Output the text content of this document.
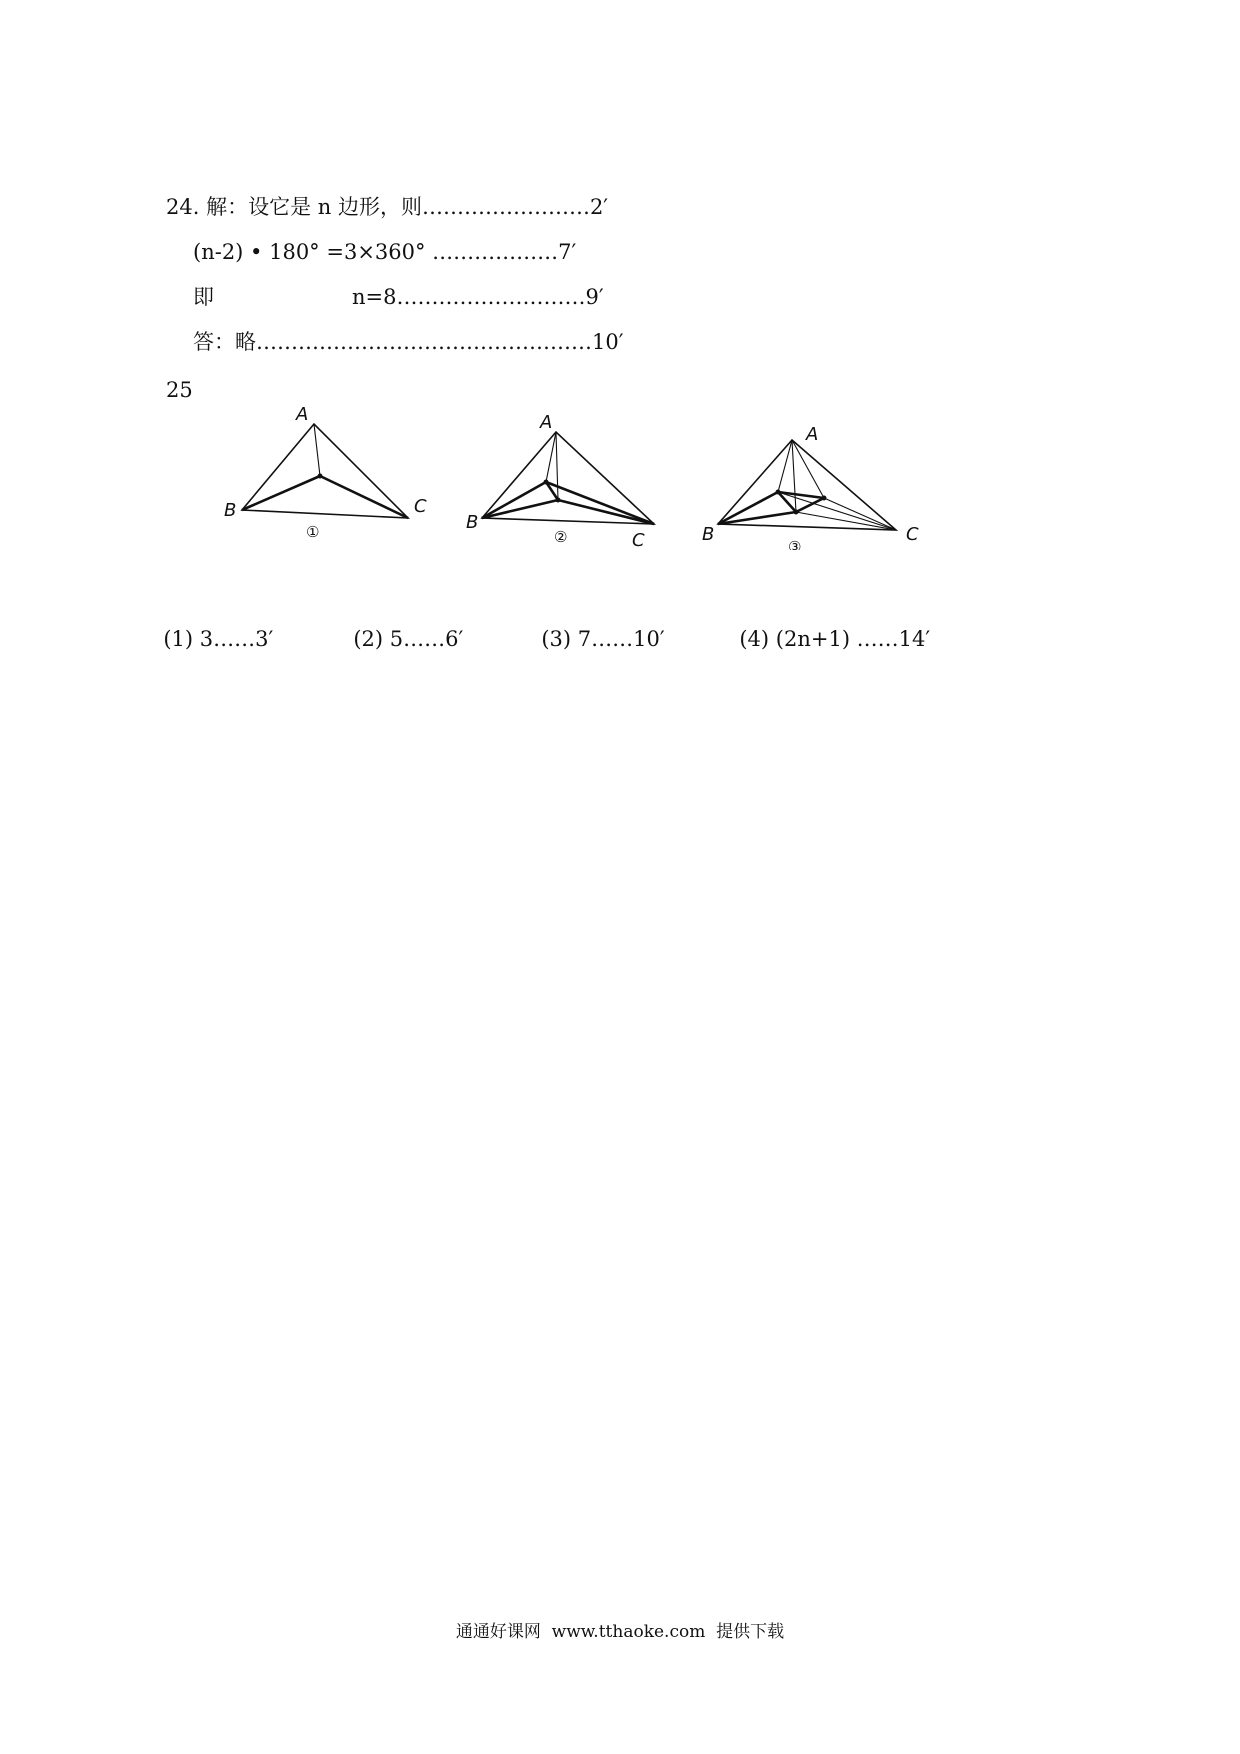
24. 解：设它是 n 边形，则……………………2′
(n-2) • 180° =3×360° ………………7′
即	n=8………………………9′
答：略…………………………………………10′
25
A
B	C
①
A
B
C
②
A
B	C
③

(1) 3……3′	(2) 5……6′	(3) 7……10′	(4) (2n+1) ……14′

通通好课网  www.tthaoke.com  提供下载
